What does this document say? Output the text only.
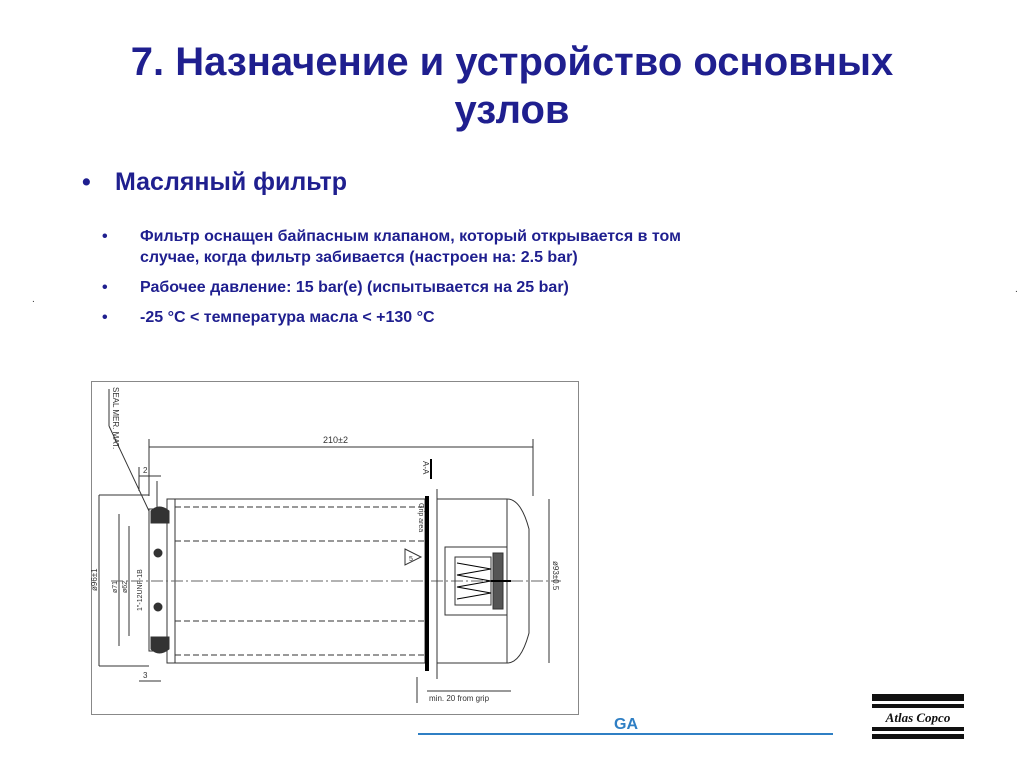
7. Назначение и устройство основных
узлов
• Масляный фильтр
• Фильтр оснащен байпасным клапаном, который открывается в том случае, когда фильтр забивается (настроен на: 2.5 bar)
• Рабочее давление: 15 bar(e) (испытывается на 25 bar)
• -25 °C < температура масла < +130 °C
.
.
SEAL MER. MAT.	210±2
2
ø96±1 ø71 ø62 1"-12UNF-1B
Grip area
A-A
5
ø93±0.5
3
min. 20 from grip
GA	Atlas Copco
